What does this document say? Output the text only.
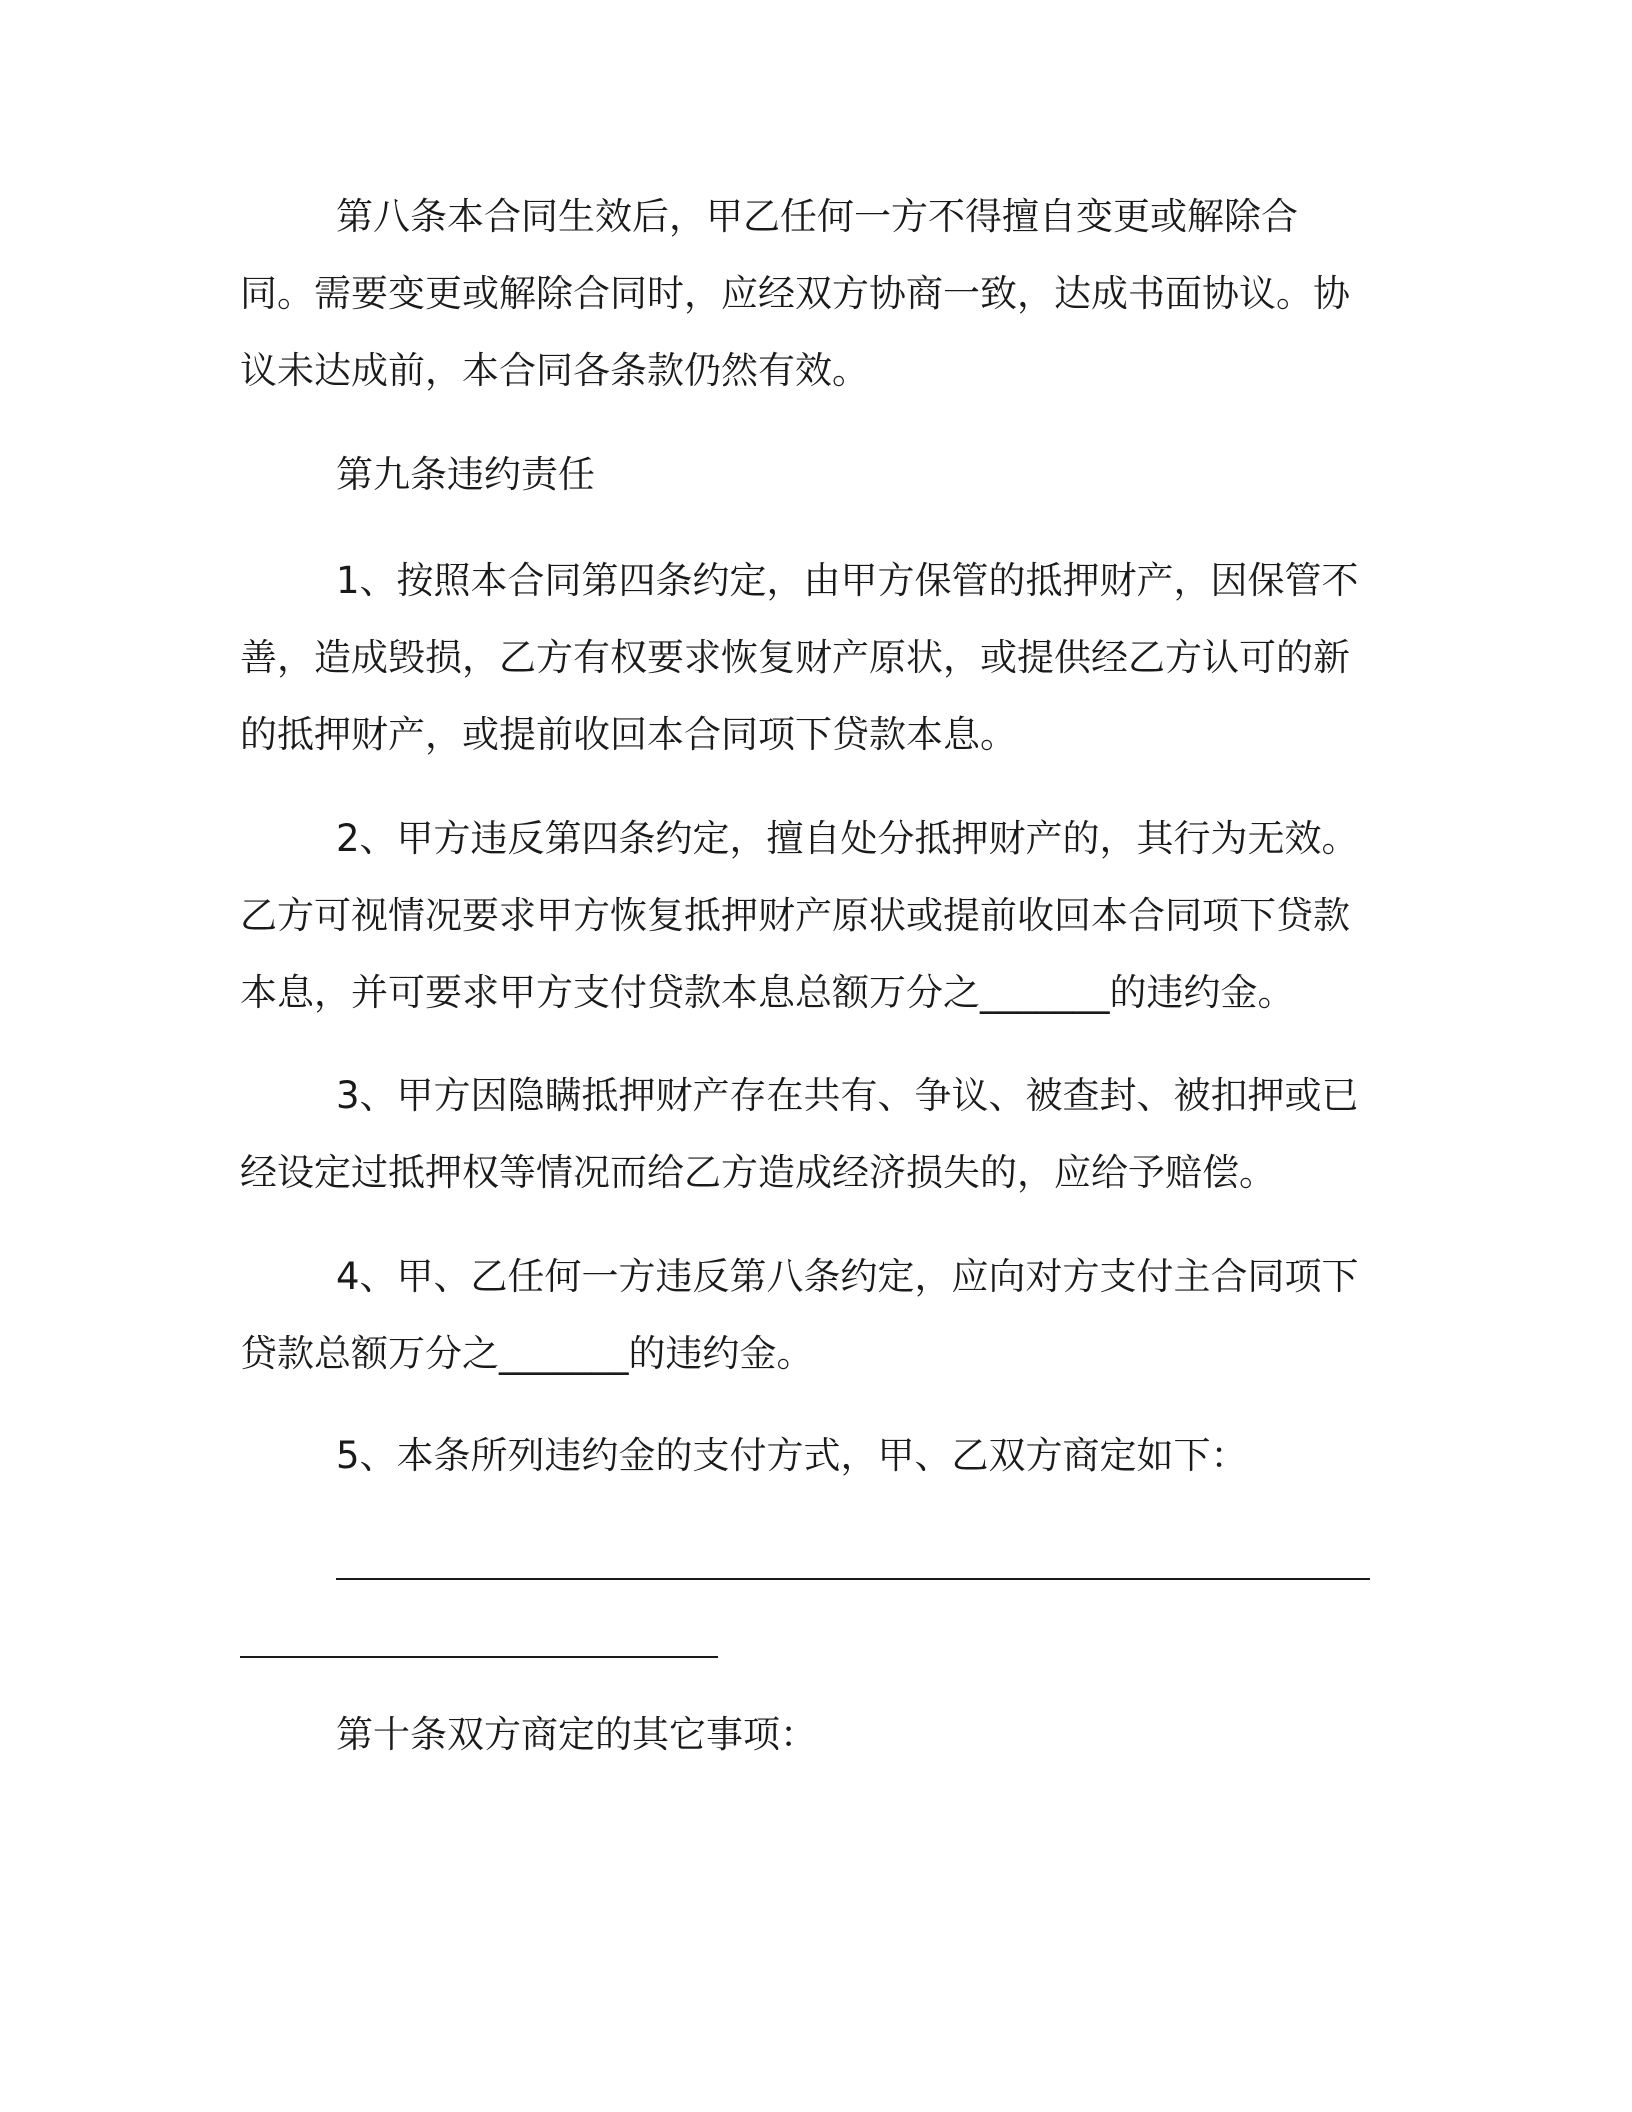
第八条本合同生效后，甲乙任何一方不得擅自变更或解除合同。需要变更或解除合同时，应经双方协商一致，达成书面协议。协议未达成前，本合同各条款仍然有效。

第九条违约责任

1、按照本合同第四条约定，由甲方保管的抵押财产，因保管不善，造成毁损，乙方有权要求恢复财产原状，或提供经乙方认可的新的抵押财产，或提前收回本合同项下贷款本息。

2、甲方违反第四条约定，擅自处分抵押财产的，其行为无效。乙方可视情况要求甲方恢复抵押财产原状或提前收回本合同项下贷款本息，并可要求甲方支付贷款本息总额万分之_______的违约金。

3、甲方因隐瞒抵押财产存在共有、争议、被查封、被扣押或已经设定过抵押权等情况而给乙方造成经济损失的，应给予赔偿。

4、甲、乙任何一方违反第八条约定，应向对方支付主合同项下贷款总额万分之_______的违约金。

5、本条所列违约金的支付方式，甲、乙双方商定如下：

第十条双方商定的其它事项：
